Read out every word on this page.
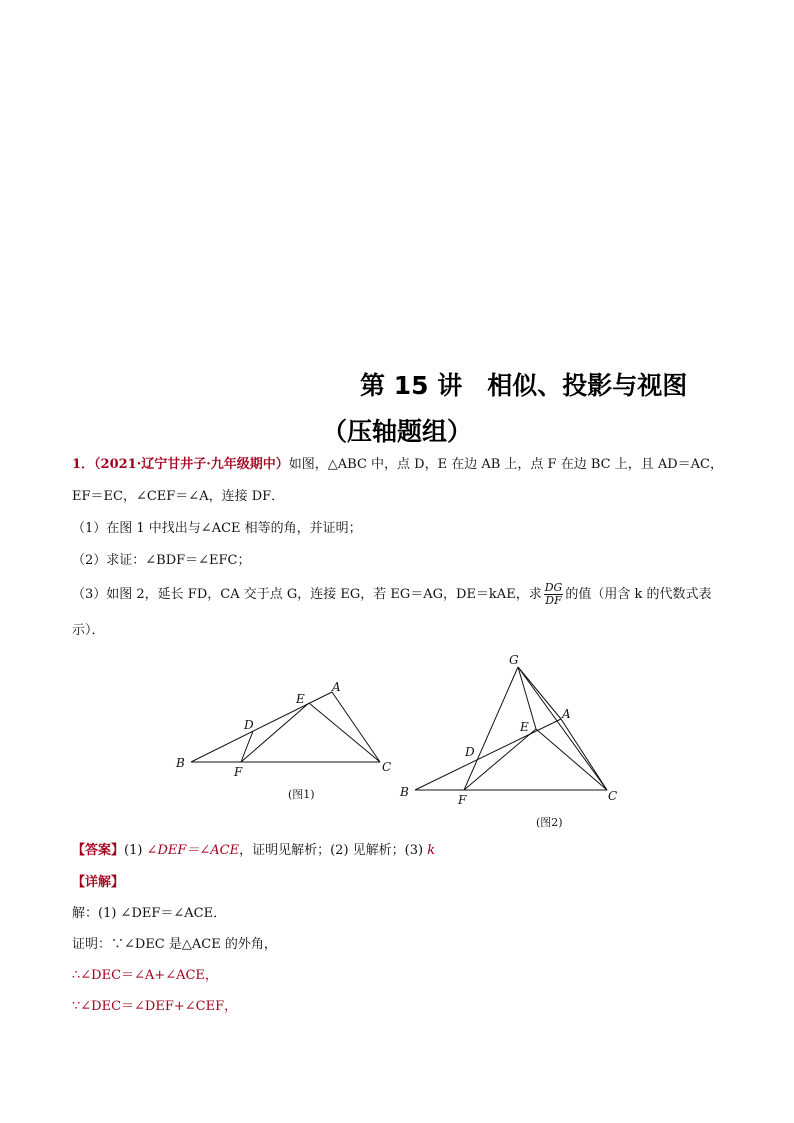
第 15 讲　相似、投影与视图
（压轴题组）
1．（2021·辽宁甘井子·九年级期中）如图，△ABC 中，点 D，E 在边 AB 上，点 F 在边 BC 上，且 AD＝AC，
EF＝EC，∠CEF＝∠A，连接 DF．
（1）在图 1 中找出与∠ACE 相等的角，并证明；
（2）求证：∠BDF＝∠EFC；
（3）如图 2，延长 FD，CA 交于点 G，连接 EG，若 EG＝AG，DE＝kAE，求 $\frac{DG}{DF}$ 的值（用含 k 的代数式表
示）．
A
B	C
D
E
F
(图1)
G
A
B	C
D
E
F
(图2)
【答案】(1) ∠DEF＝∠ACE，证明见解析；(2) 见解析；(3) k
【详解】
解：(1) ∠DEF＝∠ACE．
证明：∵∠DEC 是△ACE 的外角，
∴∠DEC＝∠A+∠ACE，
∵∠DEC＝∠DEF+∠CEF，
